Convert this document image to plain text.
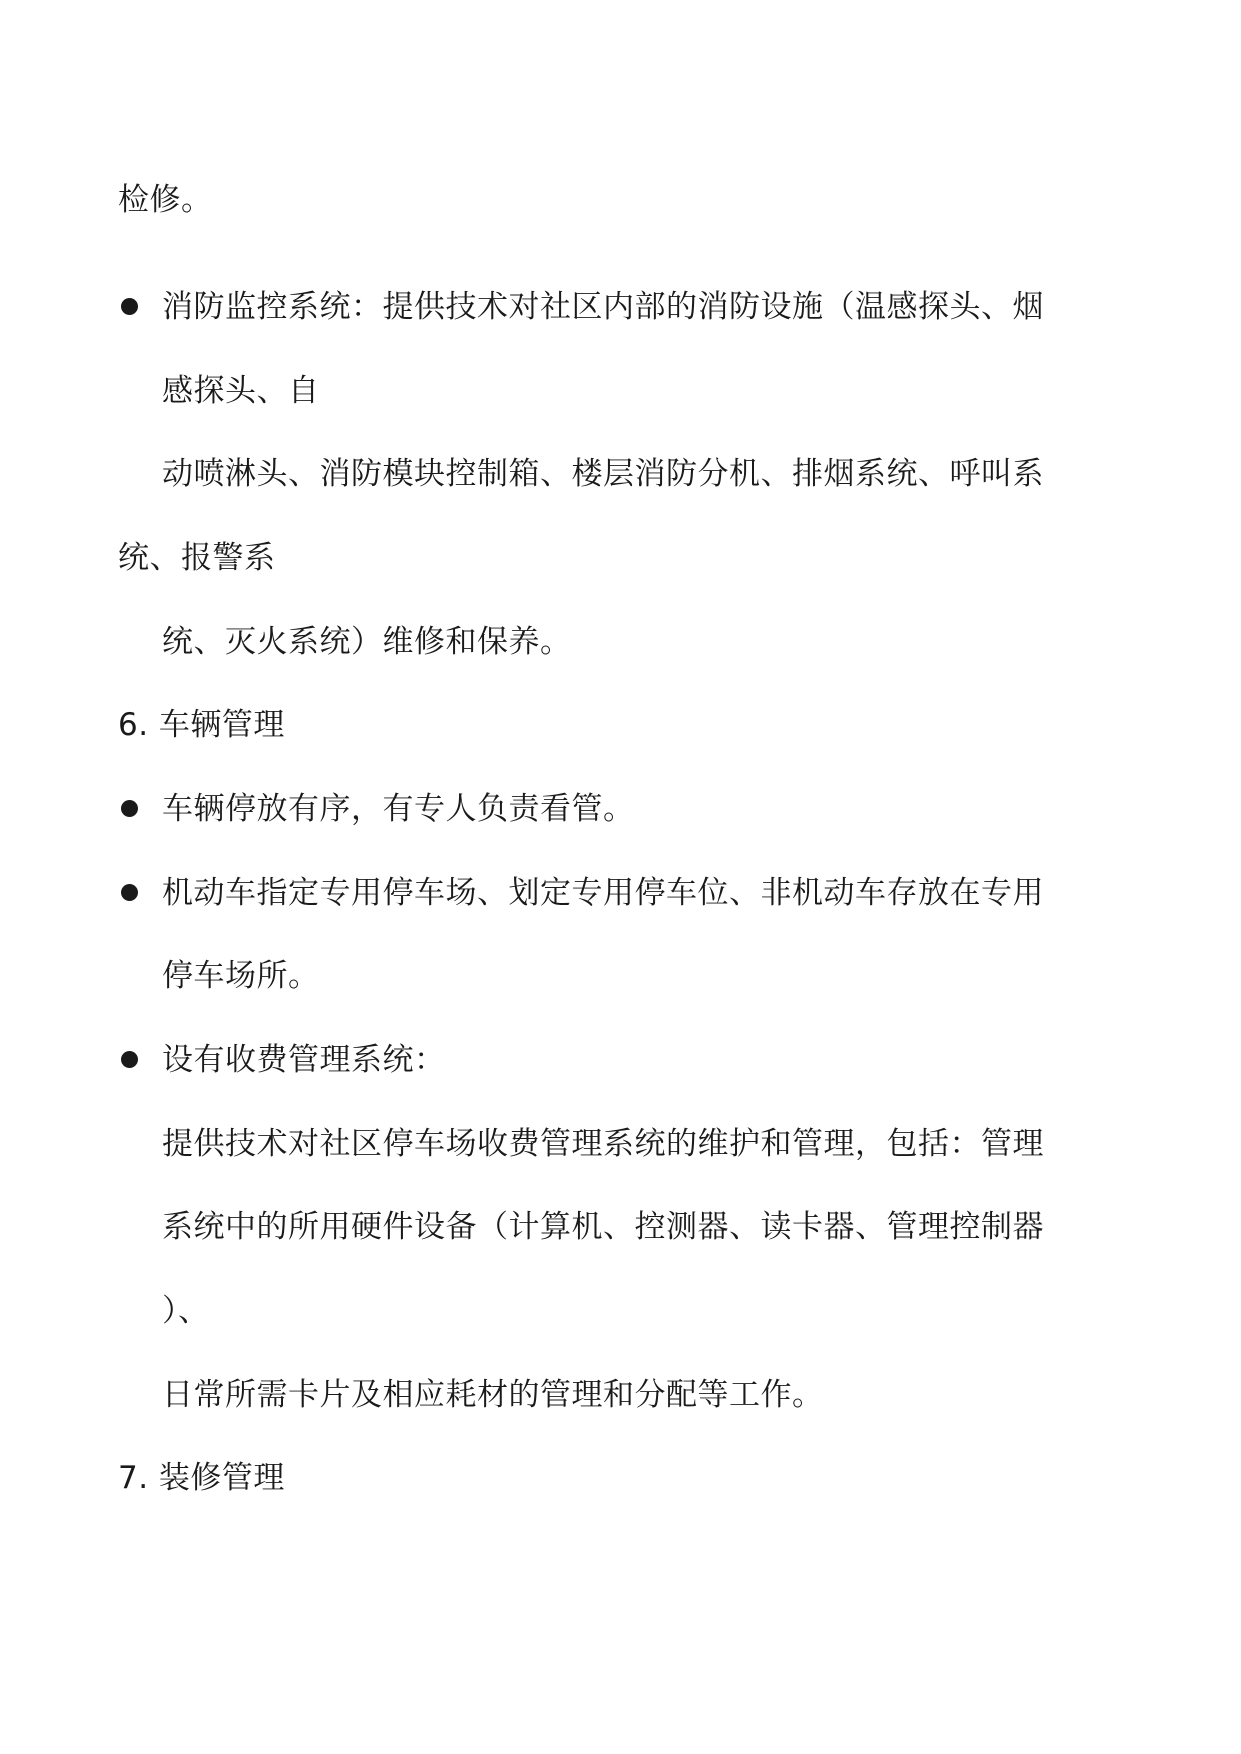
检修。
消防监控系统：提供技术对社区内部的消防设施（温感探头、烟
感探头、自
动喷淋头、消防模块控制箱、楼层消防分机、排烟系统、呼叫系
统、报警系
统、灭火系统）维修和保养。
6. 车辆管理
车辆停放有序，有专人负责看管。
机动车指定专用停车场、划定专用停车位、非机动车存放在专用
停车场所。
设有收费管理系统：
提供技术对社区停车场收费管理系统的维护和管理，包括：管理
系统中的所用硬件设备（计算机、控测器、读卡器、管理控制器
）、
日常所需卡片及相应耗材的管理和分配等工作。
7. 装修管理
